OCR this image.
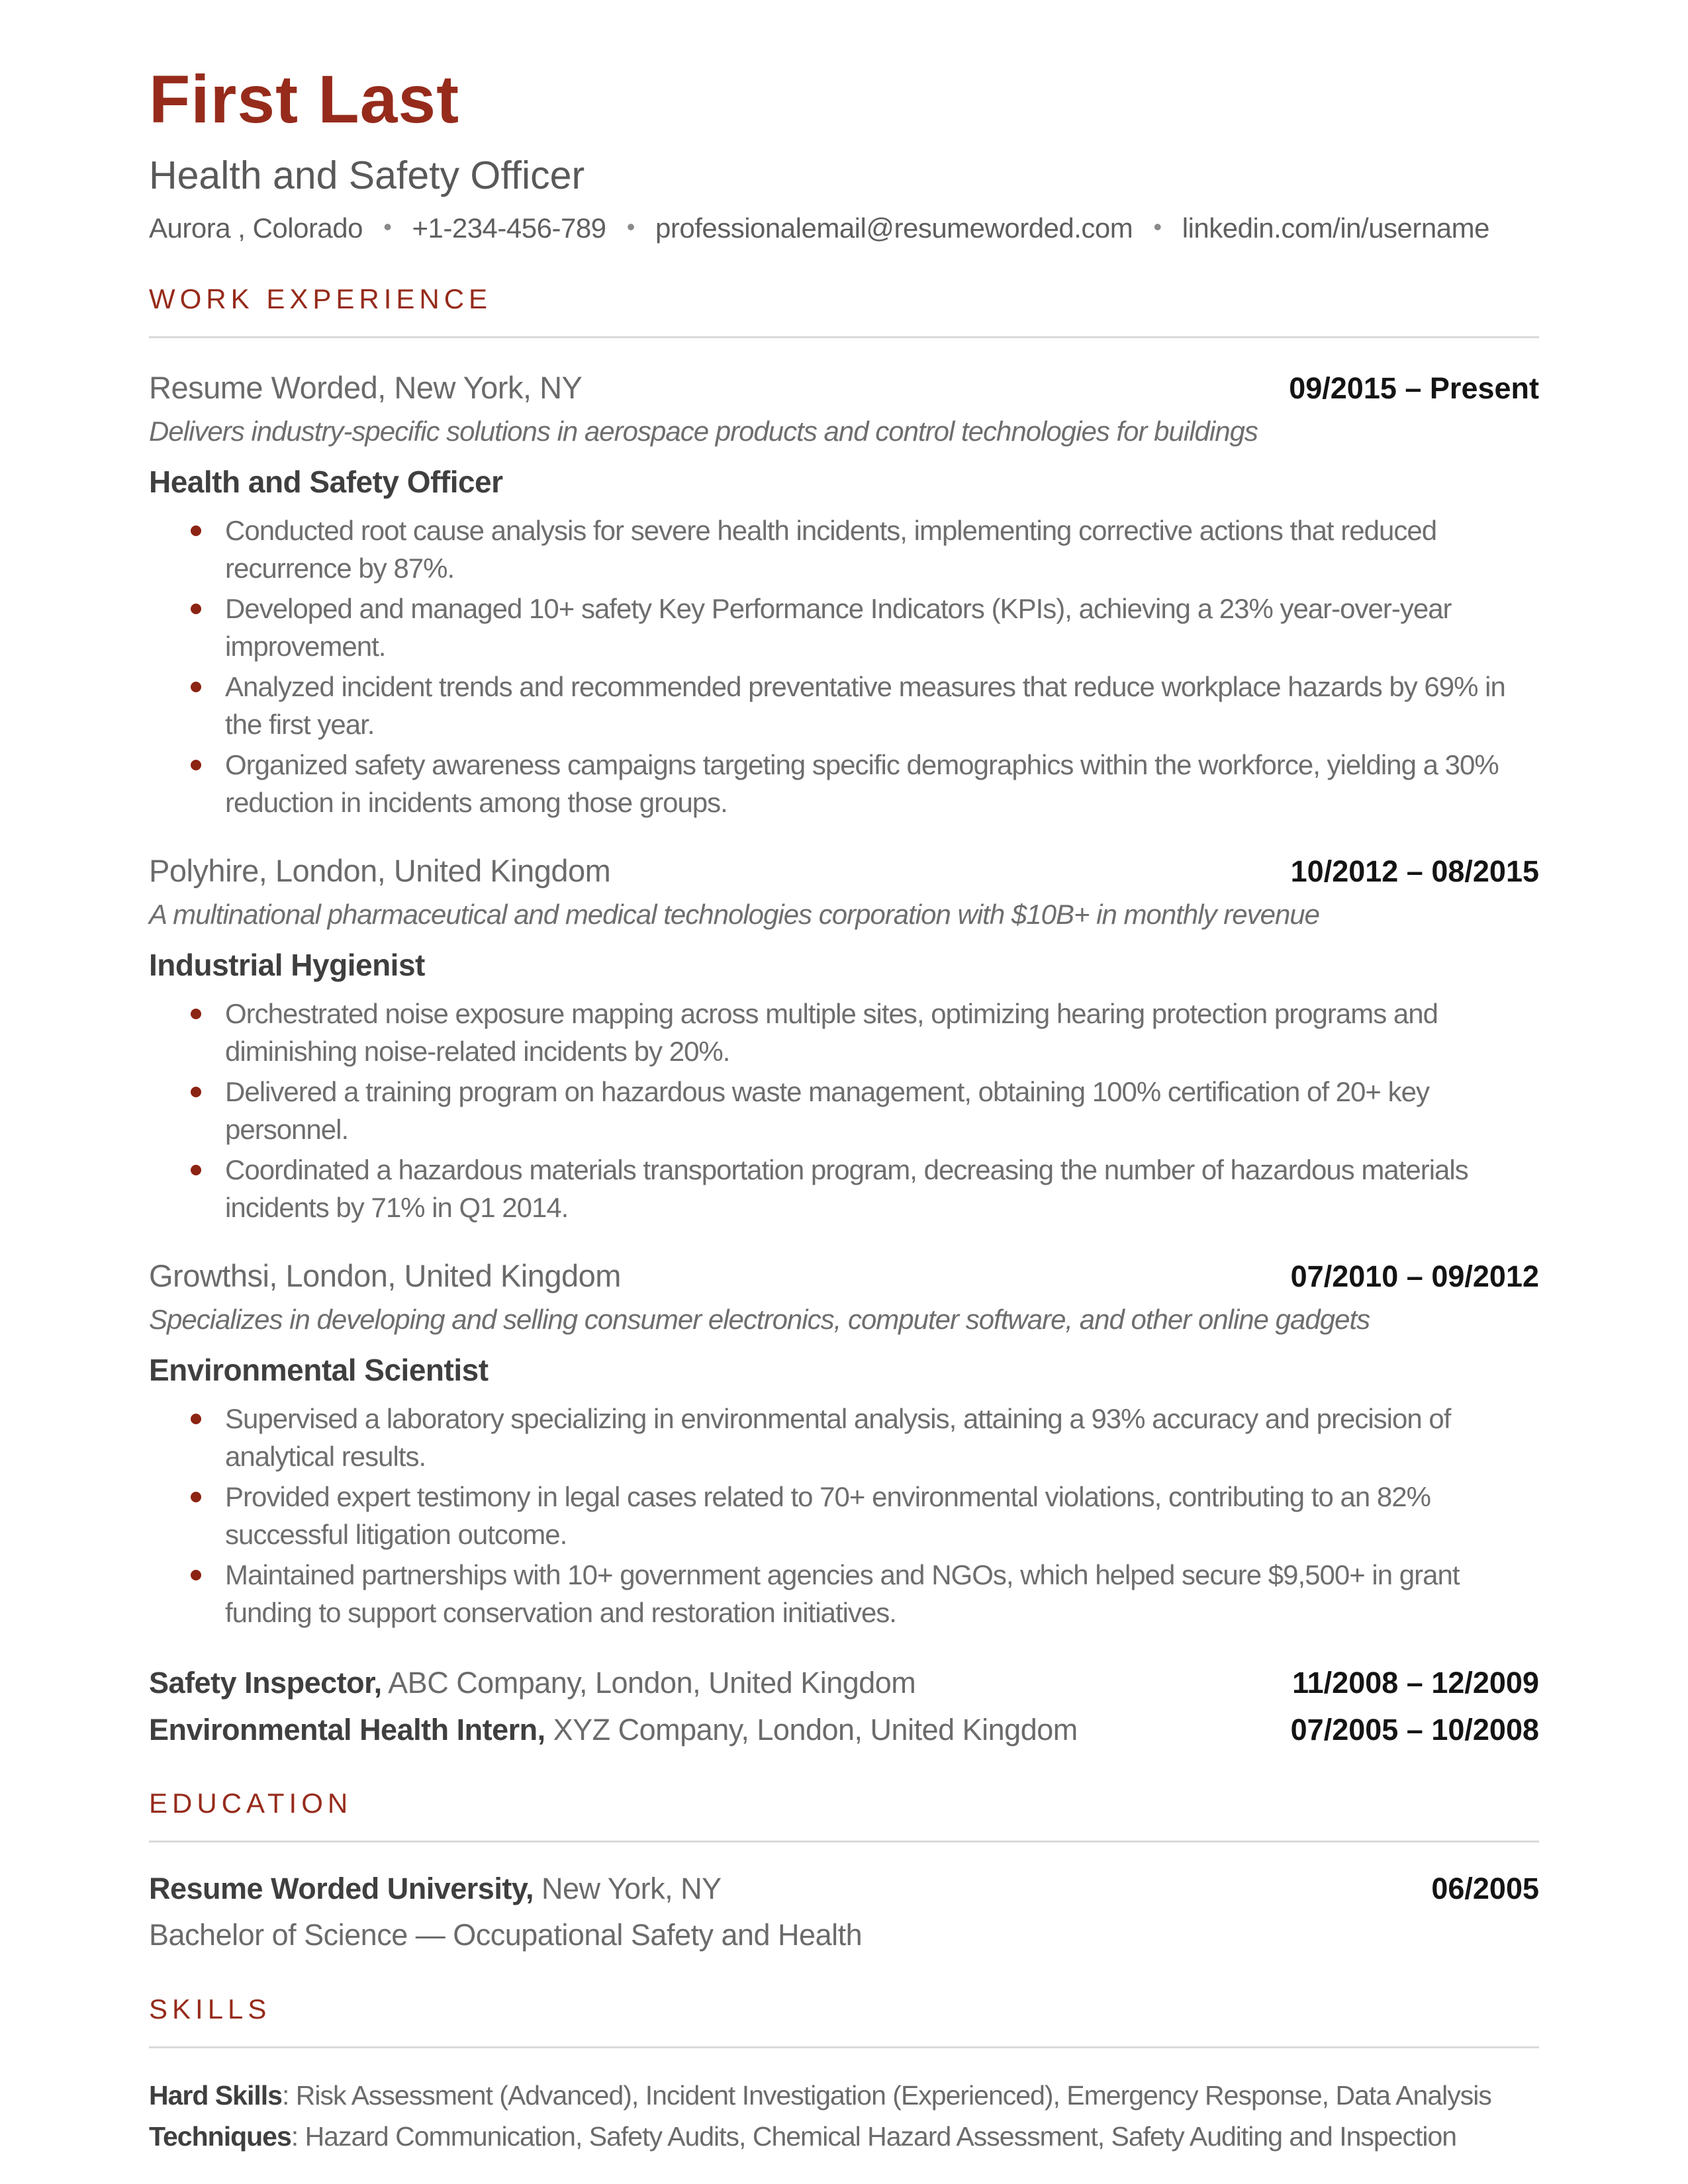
First Last
Health and Safety Officer
Aurora , Colorado • +1-234-456-789 • professionalemail@resumeworded.com • linkedin.com/in/username
WORK EXPERIENCE
Resume Worded, New York, NY	09/2015 – Present
Delivers industry-specific solutions in aerospace products and control technologies for buildings
Health and Safety Officer
Conducted root cause analysis for severe health incidents, implementing corrective actions that reduced recurrence by 87%.
Developed and managed 10+ safety Key Performance Indicators (KPIs), achieving a 23% year-over-year improvement.
Analyzed incident trends and recommended preventative measures that reduce workplace hazards by 69% in the first year.
Organized safety awareness campaigns targeting specific demographics within the workforce, yielding a 30% reduction in incidents among those groups.
Polyhire, London, United Kingdom	10/2012 – 08/2015
A multinational pharmaceutical and medical technologies corporation with $10B+ in monthly revenue
Industrial Hygienist
Orchestrated noise exposure mapping across multiple sites, optimizing hearing protection programs and diminishing noise-related incidents by 20%.
Delivered a training program on hazardous waste management, obtaining 100% certification of 20+ key personnel.
Coordinated a hazardous materials transportation program, decreasing the number of hazardous materials incidents by 71% in Q1 2014.
Growthsi, London, United Kingdom	07/2010 – 09/2012
Specializes in developing and selling consumer electronics, computer software, and other online gadgets
Environmental Scientist
Supervised a laboratory specializing in environmental analysis, attaining a 93% accuracy and precision of analytical results.
Provided expert testimony in legal cases related to 70+ environmental violations, contributing to an 82% successful litigation outcome.
Maintained partnerships with 10+ government agencies and NGOs, which helped secure $9,500+ in grant funding to support conservation and restoration initiatives.
Safety Inspector, ABC Company, London, United Kingdom	11/2008 – 12/2009
Environmental Health Intern, XYZ Company, London, United Kingdom	07/2005 – 10/2008
EDUCATION
Resume Worded University, New York, NY	06/2005
Bachelor of Science — Occupational Safety and Health
SKILLS
Hard Skills: Risk Assessment (Advanced), Incident Investigation (Experienced), Emergency Response, Data Analysis
Techniques: Hazard Communication, Safety Audits, Chemical Hazard Assessment, Safety Auditing and Inspection
